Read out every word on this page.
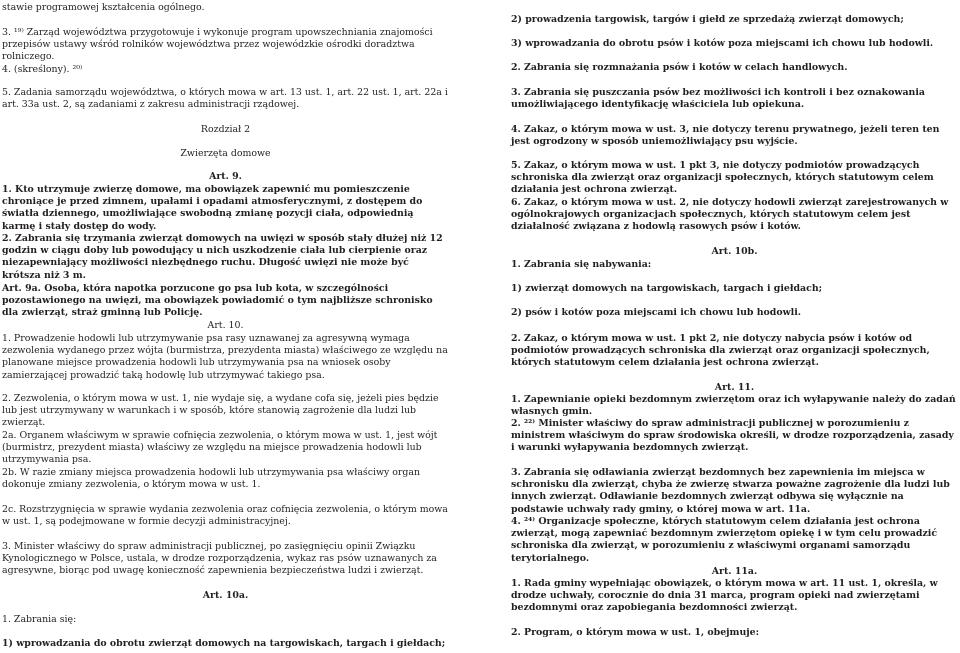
stawie programowej kształcenia ogólnego.

3. ¹⁹⁾ Zarząd województwa przygotowuje i wykonuje program upowszechniania znajomości przepisów ustawy wśród rolników województwa przez wojewódzkie ośrodki doradztwa rolniczego.

4. (skreślony). ²⁰⁾

5. Zadania samorządu województwa, o których mowa w art. 13 ust. 1, art. 22 ust. 1, art. 22a i art. 33a ust. 2, są zadaniami z zakresu administracji rządowej.

Rozdział 2

Zwierzęta domowe

Art. 9.

1. Kto utrzymuje zwierzę domowe, ma obowiązek zapewnić mu pomieszczenie chroniące je przed zimnem, upałami i opadami atmosferycznymi, z dostępem do światła dziennego, umożliwiające swobodną zmianę pozycji ciała, odpowiednią karmę i stały dostęp do wody.

2. Zabrania się trzymania zwierząt domowych na uwięzi w sposób stały dłużej niż 12 godzin w ciągu doby lub powodujący u nich uszkodzenie ciała lub cierpienie oraz niezapewniający możliwości niezbędnego ruchu. Długość uwięzi nie może być krótsza niż 3 m.

Art. 9a. Osoba, która napotka porzucone go psa lub kota, w szczególności pozostawionego na uwięzi, ma obowiązek powiadomić o tym najbliższe schronisko dla zwierząt, straż gminną lub Policję.

Art. 10.

1. Prowadzenie hodowli lub utrzymywanie psa rasy uznawanej za agresywną wymaga zezwolenia wydanego przez wójta (burmistrza, prezydenta miasta) właściwego ze względu na planowane miejsce prowadzenia hodowli lub utrzymywania psa na wniosek osoby zamierzającej prowadzić taką hodowlę lub utrzymywać takiego psa.

2. Zezwolenia, o którym mowa w ust. 1, nie wydaje się, a wydane cofa się, jeżeli pies będzie lub jest utrzymywany w warunkach i w sposób, które stanowią zagrożenie dla ludzi lub zwierząt.

2a. Organem właściwym w sprawie cofnięcia zezwolenia, o którym mowa w ust. 1, jest wójt (burmistrz, prezydent miasta) właściwy ze względu na miejsce prowadzenia hodowli lub utrzymywania psa.

2b. W razie zmiany miejsca prowadzenia hodowli lub utrzymywania psa właściwy organ dokonuje zmiany zezwolenia, o którym mowa w ust. 1.

2c. Rozstrzygnięcia w sprawie wydania zezwolenia oraz cofnięcia zezwolenia, o którym mowa w ust. 1, są podejmowane w formie decyzji administracyjnej.

3. Minister właściwy do spraw administracji publicznej, po zasięgnięciu opinii Związku Kynologicznego w Polsce, ustala, w drodze rozporządzenia, wykaz ras psów uznawanych za agresywne, biorąc pod uwagę konieczność zapewnienia bezpieczeństwa ludzi i zwierząt.

Art. 10a.

1. Zabrania się:

1) wprowadzania do obrotu zwierząt domowych na targowiskach, targach i giełdach;

2) prowadzenia targowisk, targów i giełd ze sprzedażą zwierząt domowych;

3) wprowadzania do obrotu psów i kotów poza miejscami ich chowu lub hodowli.

2. Zabrania się rozmnażania psów i kotów w celach handlowych.

3. Zabrania się puszczania psów bez możliwości ich kontroli i bez oznakowania umożliwiającego identyfikację właściciela lub opiekuna.

4. Zakaz, o którym mowa w ust. 3, nie dotyczy terenu prywatnego, jeżeli teren ten jest ogrodzony w sposób uniemożliwiający psu wyjście.

5. Zakaz, o którym mowa w ust. 1 pkt 3, nie dotyczy podmiotów prowadzących schroniska dla zwierząt oraz organizacji społecznych, których statutowym celem działania jest ochrona zwierząt.

6. Zakaz, o którym mowa w ust. 2, nie dotyczy hodowli zwierząt zarejestrowanych w ogólnokrajowych organizacjach społecznych, których statutowym celem jest działalność związana z hodowlą rasowych psów i kotów.

Art. 10b.

1. Zabrania się nabywania:

1) zwierząt domowych na targowiskach, targach i giełdach;

2) psów i kotów poza miejscami ich chowu lub hodowli.

2. Zakaz, o którym mowa w ust. 1 pkt 2, nie dotyczy nabycia psów i kotów od podmiotów prowadzących schroniska dla zwierząt oraz organizacji społecznych, których statutowym celem działania jest ochrona zwierząt.

Art. 11.

1. Zapewnianie opieki bezdomnym zwierzętom oraz ich wyłapywanie należy do zadań własnych gmin.

2. ²²⁾ Minister właściwy do spraw administracji publicznej w porozumieniu z ministrem właściwym do spraw środowiska określi, w drodze rozporządzenia, zasady i warunki wyłapywania bezdomnych zwierząt.

3. Zabrania się odławiania zwierząt bezdomnych bez zapewnienia im miejsca w schronisku dla zwierząt, chyba że zwierzę stwarza poważne zagrożenie dla ludzi lub innych zwierząt. Odławianie bezdomnych zwierząt odbywa się wyłącznie na podstawie uchwały rady gminy, o której mowa w art. 11a.

4. ²⁴⁾ Organizacje społeczne, których statutowym celem działania jest ochrona zwierząt, mogą zapewniać bezdomnym zwierzętom opiekę i w tym celu prowadzić schroniska dla zwierząt, w porozumieniu z właściwymi organami samorządu terytorialnego.

Art. 11a.

1. Rada gminy wypełniając obowiązek, o którym mowa w art. 11 ust. 1, określa, w drodze uchwały, corocznie do dnia 31 marca, program opieki nad zwierzętami bezdomnymi oraz zapobiegania bezdomności zwierząt.

2. Program, o którym mowa w ust. 1, obejmuje:
